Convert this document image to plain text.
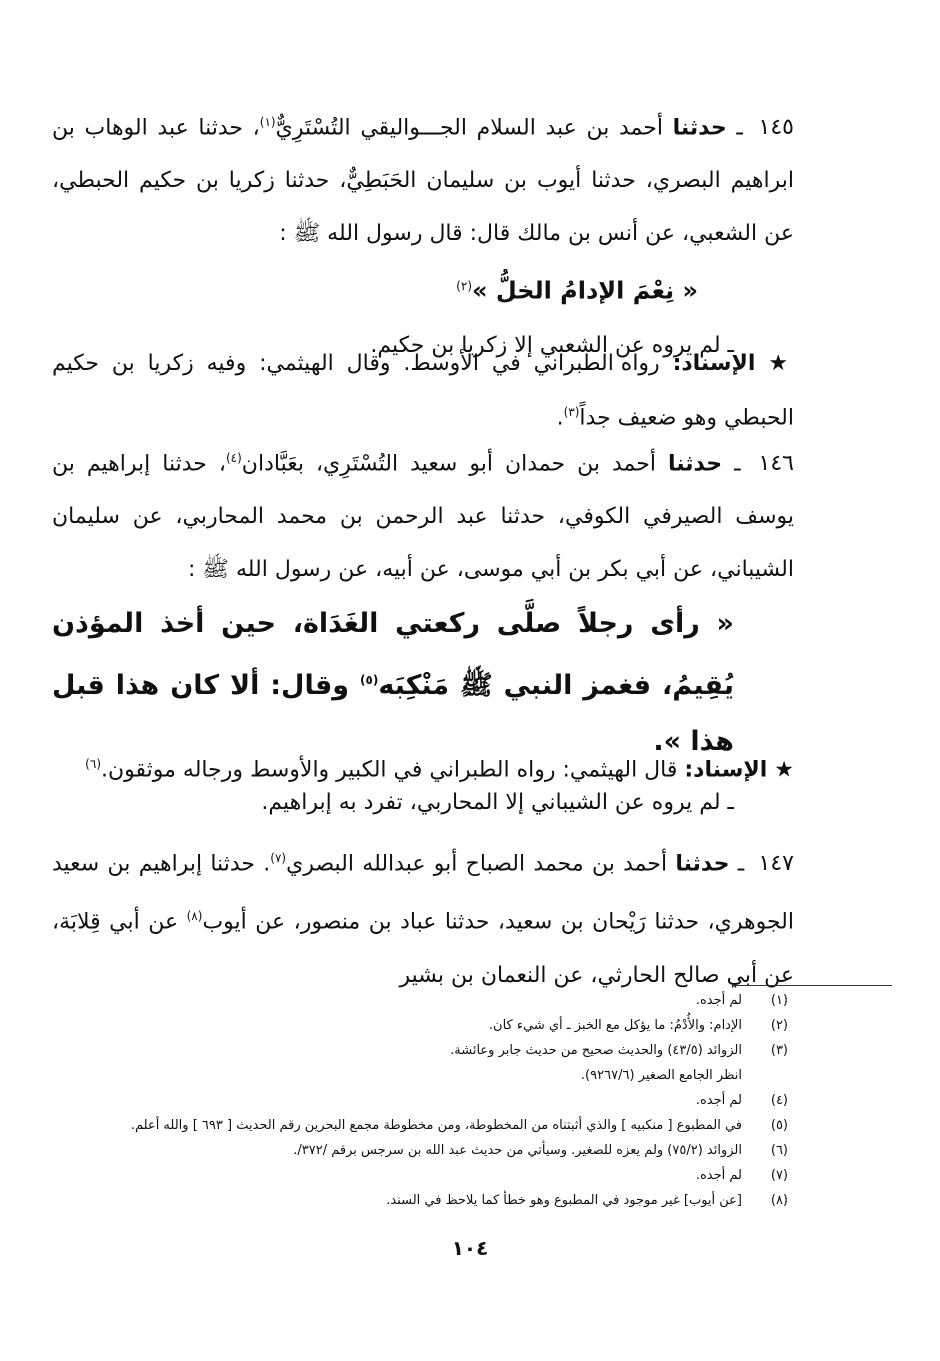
١٤٥ ـ حدثنا أحمد بن عبد السلام الجـــواليقي التُسْتَرِيٌّ$^{(١)}$، حدثنا عبد الوهاب بن ابراهيم البصري، حدثنا أيوب بن سليمان الحَبَطِيٌّ، حدثنا زكريا بن حكيم الحبطي، عن الشعبي، عن أنس بن مالك قال: قال رسول الله ﷺ :
« نِعْمَ الإدامُ الخلُّ »$^{(٢)}$
ـ لم يروه عن الشعبي إلا زكريا بن حكيم.
★ الإسناد: رواه الطبراني في الأوسط. وقال الهيثمي: وفيه زكريا بن حكيم الحبطي وهو ضعيف جداً$^{(٣)}$.
١٤٦ ـ حدثنا أحمد بن حمدان أبو سعيد التُسْتَرِي، بعَبَّادان$^{(٤)}$، حدثنا إبراهيم بن يوسف الصيرفي الكوفي، حدثنا عبد الرحمن بن محمد المحاربي، عن سليمان الشيباني، عن أبي بكر بن أبي موسى، عن أبيه، عن رسول الله ﷺ :
« رأى رجلاً صلَّى ركعتي الغَدَاة، حين أخذ المؤذن يُقِيمُ، فغمز النبي ﷺ مَنْكِبَه$^{(٥)}$ وقال: ألا كان هذا قبل هذا ».
ـ لم يروه عن الشيباني إلا المحاربي، تفرد به إبراهيم.
★ الإسناد: قال الهيثمي: رواه الطبراني في الكبير والأوسط ورجاله موثقون.$^{(٦)}$
١٤٧ ـ حدثنا أحمد بن محمد الصباح أبو عبدالله البصري$^{(٧)}$. حدثنا إبراهيم بن سعيد الجوهري، حدثنا رَيْحان بن سعيد، حدثنا عباد بن منصور، عن أيوب$^{(٨)}$ عن أبي قِلابَة، عن أبي صالح الحارثي، عن النعمان بن بشير
(١)
لم أجده.
(٢)
الإدام: والأُدْمُ: ما يؤكل مع الخبز ـ أي شيء كان.
(٣)
الزوائد (٤٣/٥) والحديث صحيح من حديث جابر وعائشة.
انظر الجامع الصغير (٩٢٦٧/٦).
(٤)
لم أجده.
(٥)
في المطبوع [ منكبيه ] والذي أثبتناه من المخطوطة، ومن مخطوطة مجمع البحرين رقم الحديث [ ٦٩٣ ] والله أعلم.
(٦)
الزوائد (٧٥/٢) ولم يعزه للصغير. وسيأتي من حديث عبد الله بن سرجس برقم /٣٧٢/.
(٧)
لم أجده.
(٨)
[عن أيوب] غير موجود في المطبوع وهو خطأ كما يلاحظ في السند.
١٠٤
